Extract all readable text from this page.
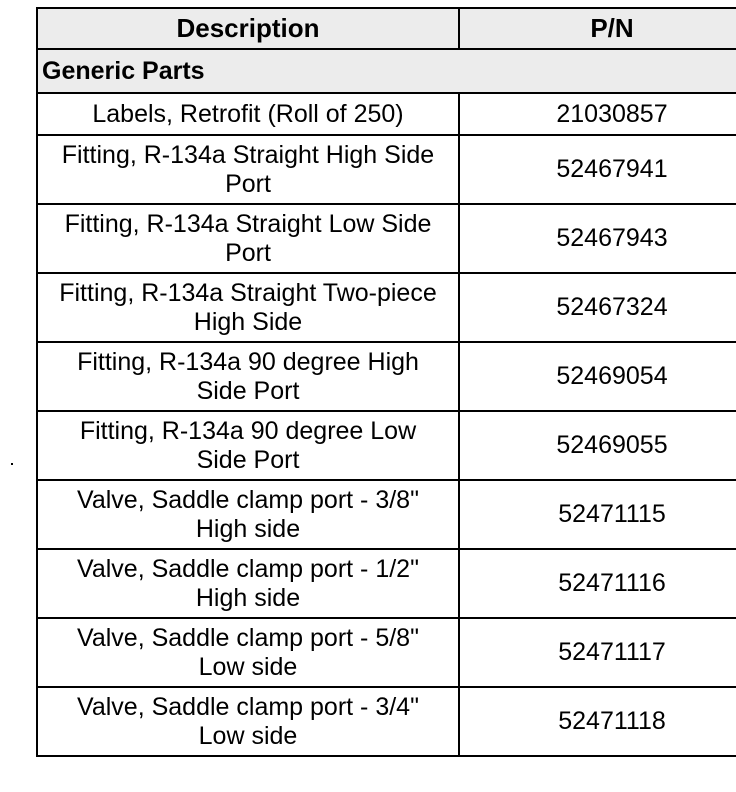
Description	P/N
Generic Parts	
Labels, Retrofit (Roll of 250)	21030857
Fitting, R-134a Straight High Side Port	52467941
Fitting, R-134a Straight Low Side Port	52467943
Fitting, R-134a Straight Two-piece High Side	52467324
Fitting, R-134a 90 degree High Side Port	52469054
Fitting, R-134a 90 degree Low Side Port	52469055
Valve, Saddle clamp port - 3/8" High side	52471115
Valve, Saddle clamp port - 1/2" High side	52471116
Valve, Saddle clamp port - 5/8" Low side	52471117
Valve, Saddle clamp port - 3/4" Low side	52471118
